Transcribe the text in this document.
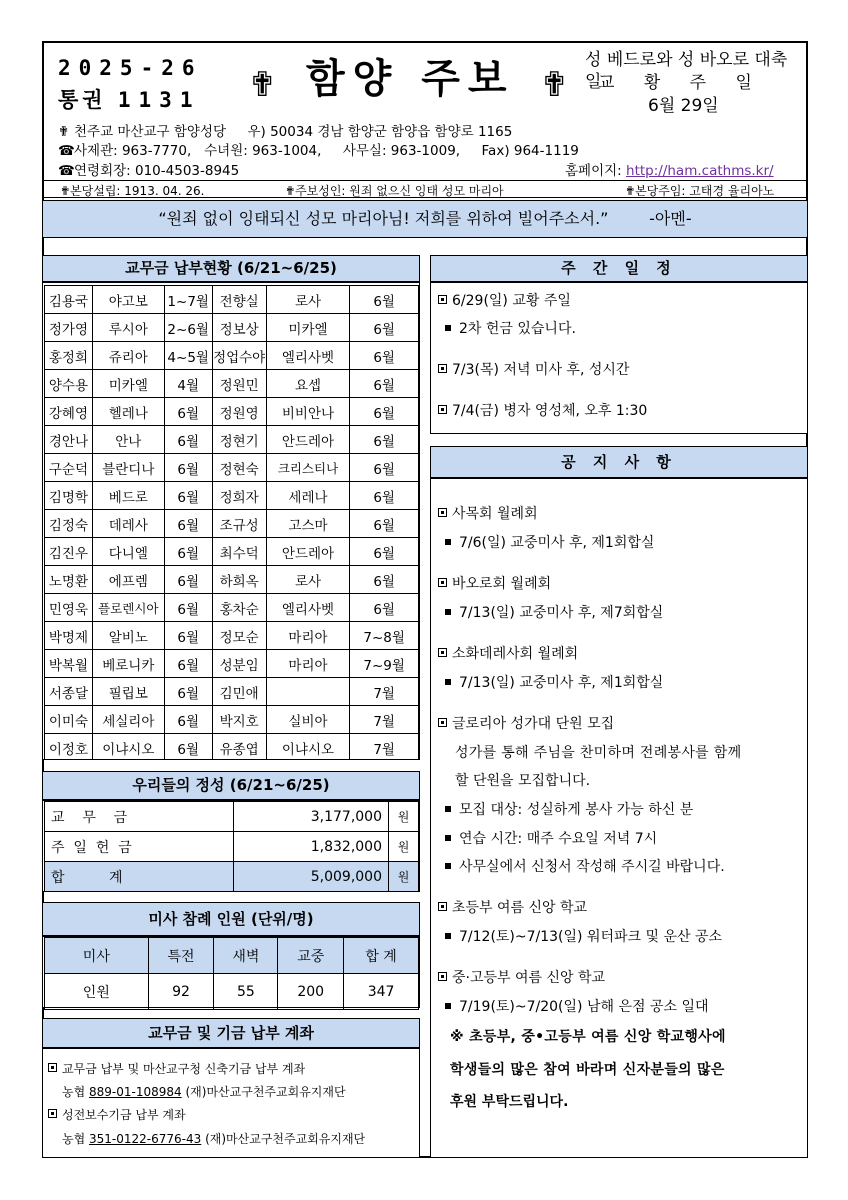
2025-26
통권 1131 ✟ 함양 주보 ✟
성 베드로와 성 바오로 대축일
교 황 주 일
6월 29일
✟ 천주교 마산교구 함양성당     우) 50034 경남 함양군 함양읍 함양로 1165
☎사제관: 963-7770,   수녀원: 963-1004,     사무실: 963-1009,     Fax) 964-1119
☎연령회장: 010-4503-8945	홈페이지: http://ham.cathms.kr/
✟본당설립: 1913. 04. 26.	✟주보성인: 원죄 없으신 잉태 성모 마리아	✟본당주임: 고태경 율리아노
“원죄 없이 잉태되신 성모 마리아님! 저희를 위하여 빌어주소서.”        -아멘-
교무금 납부현황 (6/21~6/25)
김용국	야고보	1~7월	전향실	로사	6월
정가영	루시아	2~6월	정보상	미카엘	6월
홍정희	쥬리아	4~5월	정업수야	엘리사벳	6월
양수용	미카엘	4월	정원민	요셉	6월
강혜영	헬레나	6월	정원영	비비안나	6월
경안나	안나	6월	정현기	안드레아	6월
구순덕	블란디나	6월	정현숙	크리스티나	6월
김명학	베드로	6월	정희자	세레나	6월
김정숙	데레사	6월	조규성	고스마	6월
김진우	다니엘	6월	최수덕	안드레아	6월
노명환	에프렘	6월	하희옥	로사	6월
민영욱	플로렌시아	6월	홍차순	엘리사벳	6월
박명제	알비노	6월	정모순	마리아	7~8월
박복월	베로니카	6월	성분임	마리아	7~9월
서종달	필립보	6월	김민애		7월
이미숙	세실리아	6월	박지호	실비아	7월
이정호	이냐시오	6월	유종엽	이냐시오	7월
우리들의 정성 (6/21~6/25)
교    무    금	3,177,000	원
주  일  헌  금	1,832,000	원
합          계	5,009,000	원
미사 참례 인원 (단위/명)
미사	특전	새벽	교중	합 계
인원	92	55	200	347
교무금 및 기금 납부 계좌
교무금 납부 및 마산교구청 신축기금 납부 계좌
농협 889-01-108984 (재)마산교구천주교회유지재단
성전보수기금 납부 계좌
농협 351-0122-6776-43 (재)마산교구천주교회유지재단
주 간 일 정
6/29(일) 교황 주일
2차 헌금 있습니다.
7/3(목) 저녁 미사 후, 성시간
7/4(금) 병자 영성체, 오후 1:30
공 지 사 항
사목회 월례회
7/6(일) 교중미사 후, 제1회합실
바오로회 월례회
7/13(일) 교중미사 후, 제7회합실
소화데레사회 월례회
7/13(일) 교중미사 후, 제1회합실
글로리아 성가대 단원 모집
성가를 통해 주님을 찬미하며 전례봉사를 함께
할 단원을 모집합니다.
모집 대상: 성실하게 봉사 가능 하신 분
연습 시간: 매주 수요일 저녁 7시
사무실에서 신청서 작성해 주시길 바랍니다.
초등부 여름 신앙 학교
7/12(토)~7/13(일) 워터파크 및 운산 공소
중·고등부 여름 신앙 학교
7/19(토)~7/20(일) 남해 은점 공소 일대
※ 초등부, 중•고등부 여름 신앙 학교행사에
학생들의 많은 참여 바라며 신자분들의 많은
후원 부탁드립니다.
